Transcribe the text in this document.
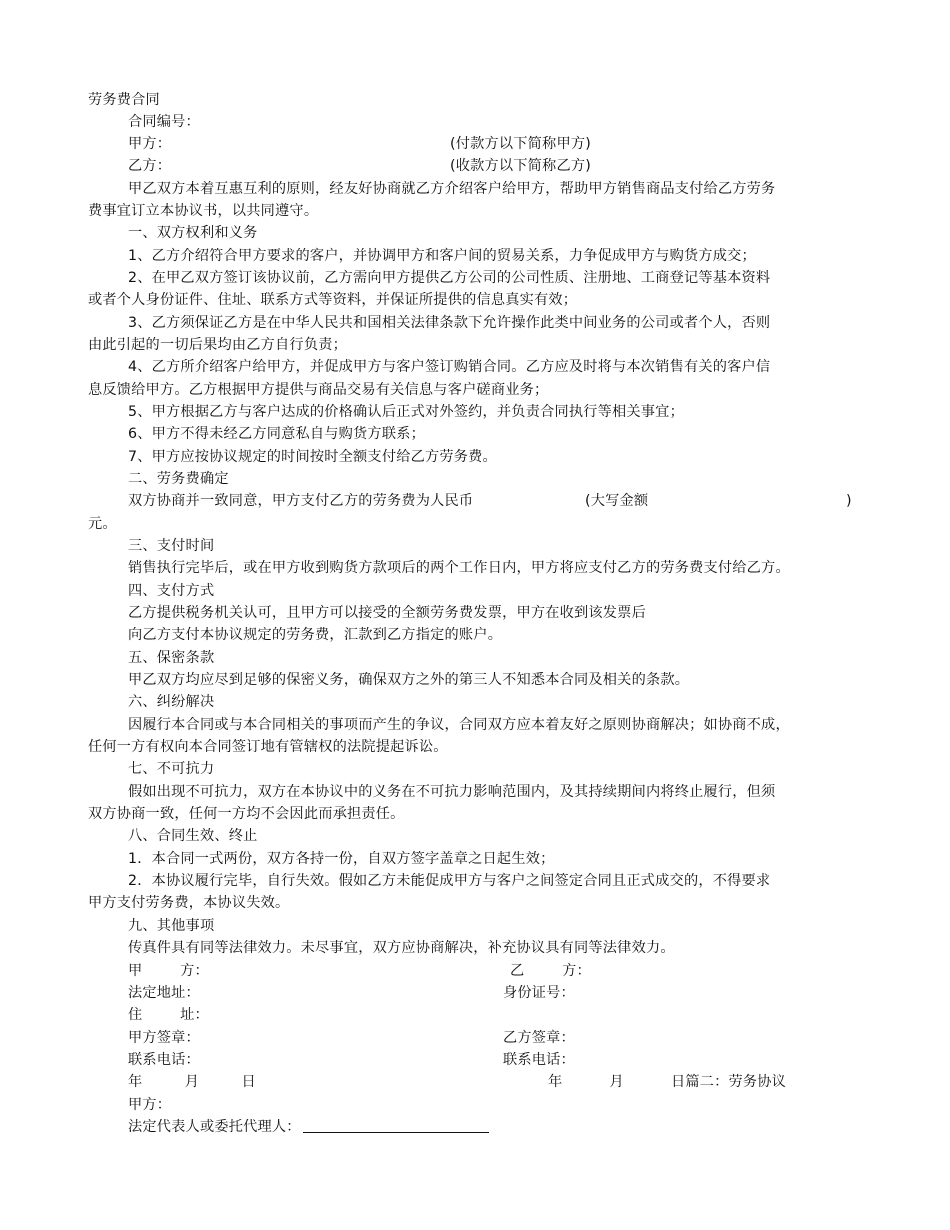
劳务费合同
合同编号：
甲方：	(付款方以下简称甲方)
乙方：	(收款方以下简称乙方)
甲乙双方本着互惠互利的原则，经友好协商就乙方介绍客户给甲方，帮助甲方销售商品支付给乙方劳务
费事宜订立本协议书，以共同遵守。
一、双方权利和义务
1、乙方介绍符合甲方要求的客户，并协调甲方和客户间的贸易关系，力争促成甲方与购货方成交；
2、在甲乙双方签订该协议前，乙方需向甲方提供乙方公司的公司性质、注册地、工商登记等基本资料
或者个人身份证件、住址、联系方式等资料，并保证所提供的信息真实有效；
3、乙方须保证乙方是在中华人民共和国相关法律条款下允许操作此类中间业务的公司或者个人，否则
由此引起的一切后果均由乙方自行负责；
4、乙方所介绍客户给甲方，并促成甲方与客户签订购销合同。乙方应及时将与本次销售有关的客户信
息反馈给甲方。乙方根据甲方提供与商品交易有关信息与客户磋商业务；
5、甲方根据乙方与客户达成的价格确认后正式对外签约，并负责合同执行等相关事宜；
6、甲方不得未经乙方同意私自与购货方联系；
7、甲方应按协议规定的时间按时全额支付给乙方劳务费。
二、劳务费确定
双方协商并一致同意，甲方支付乙方的劳务费为人民币	(大写金额	)
元。
三、支付时间
销售执行完毕后，或在甲方收到购货方款项后的两个工作日内，甲方将应支付乙方的劳务费支付给乙方。
四、支付方式
乙方提供税务机关认可，且甲方可以接受的全额劳务费发票，甲方在收到该发票后
向乙方支付本协议规定的劳务费，汇款到乙方指定的账户。
五、保密条款
甲乙双方均应尽到足够的保密义务，确保双方之外的第三人不知悉本合同及相关的条款。
六、纠纷解决
因履行本合同或与本合同相关的事项而产生的争议，合同双方应本着友好之原则协商解决；如协商不成，
任何一方有权向本合同签订地有管辖权的法院提起诉讼。
七、不可抗力
假如出现不可抗力，双方在本协议中的义务在不可抗力影响范围内，及其持续期间内将终止履行，但须
双方协商一致，任何一方均不会因此而承担责任。
八、合同生效、终止
1．本合同一式两份，双方各持一份，自双方签字盖章之日起生效；
2．本协议履行完毕，自行失效。假如乙方未能促成甲方与客户之间签定合同且正式成交的，不得要求
甲方支付劳务费，本协议失效。
九、其他事项
传真件具有同等法律效力。未尽事宜，双方应协商解决，补充协议具有同等法律效力。
甲        方：	乙        方：
法定地址：	身份证号：
住        址：
甲方签章：	乙方签章：
联系电话：	联系电话：
年         月         日	年          月          日篇二：劳务协议
甲方：
法定代表人或委托代理人：
